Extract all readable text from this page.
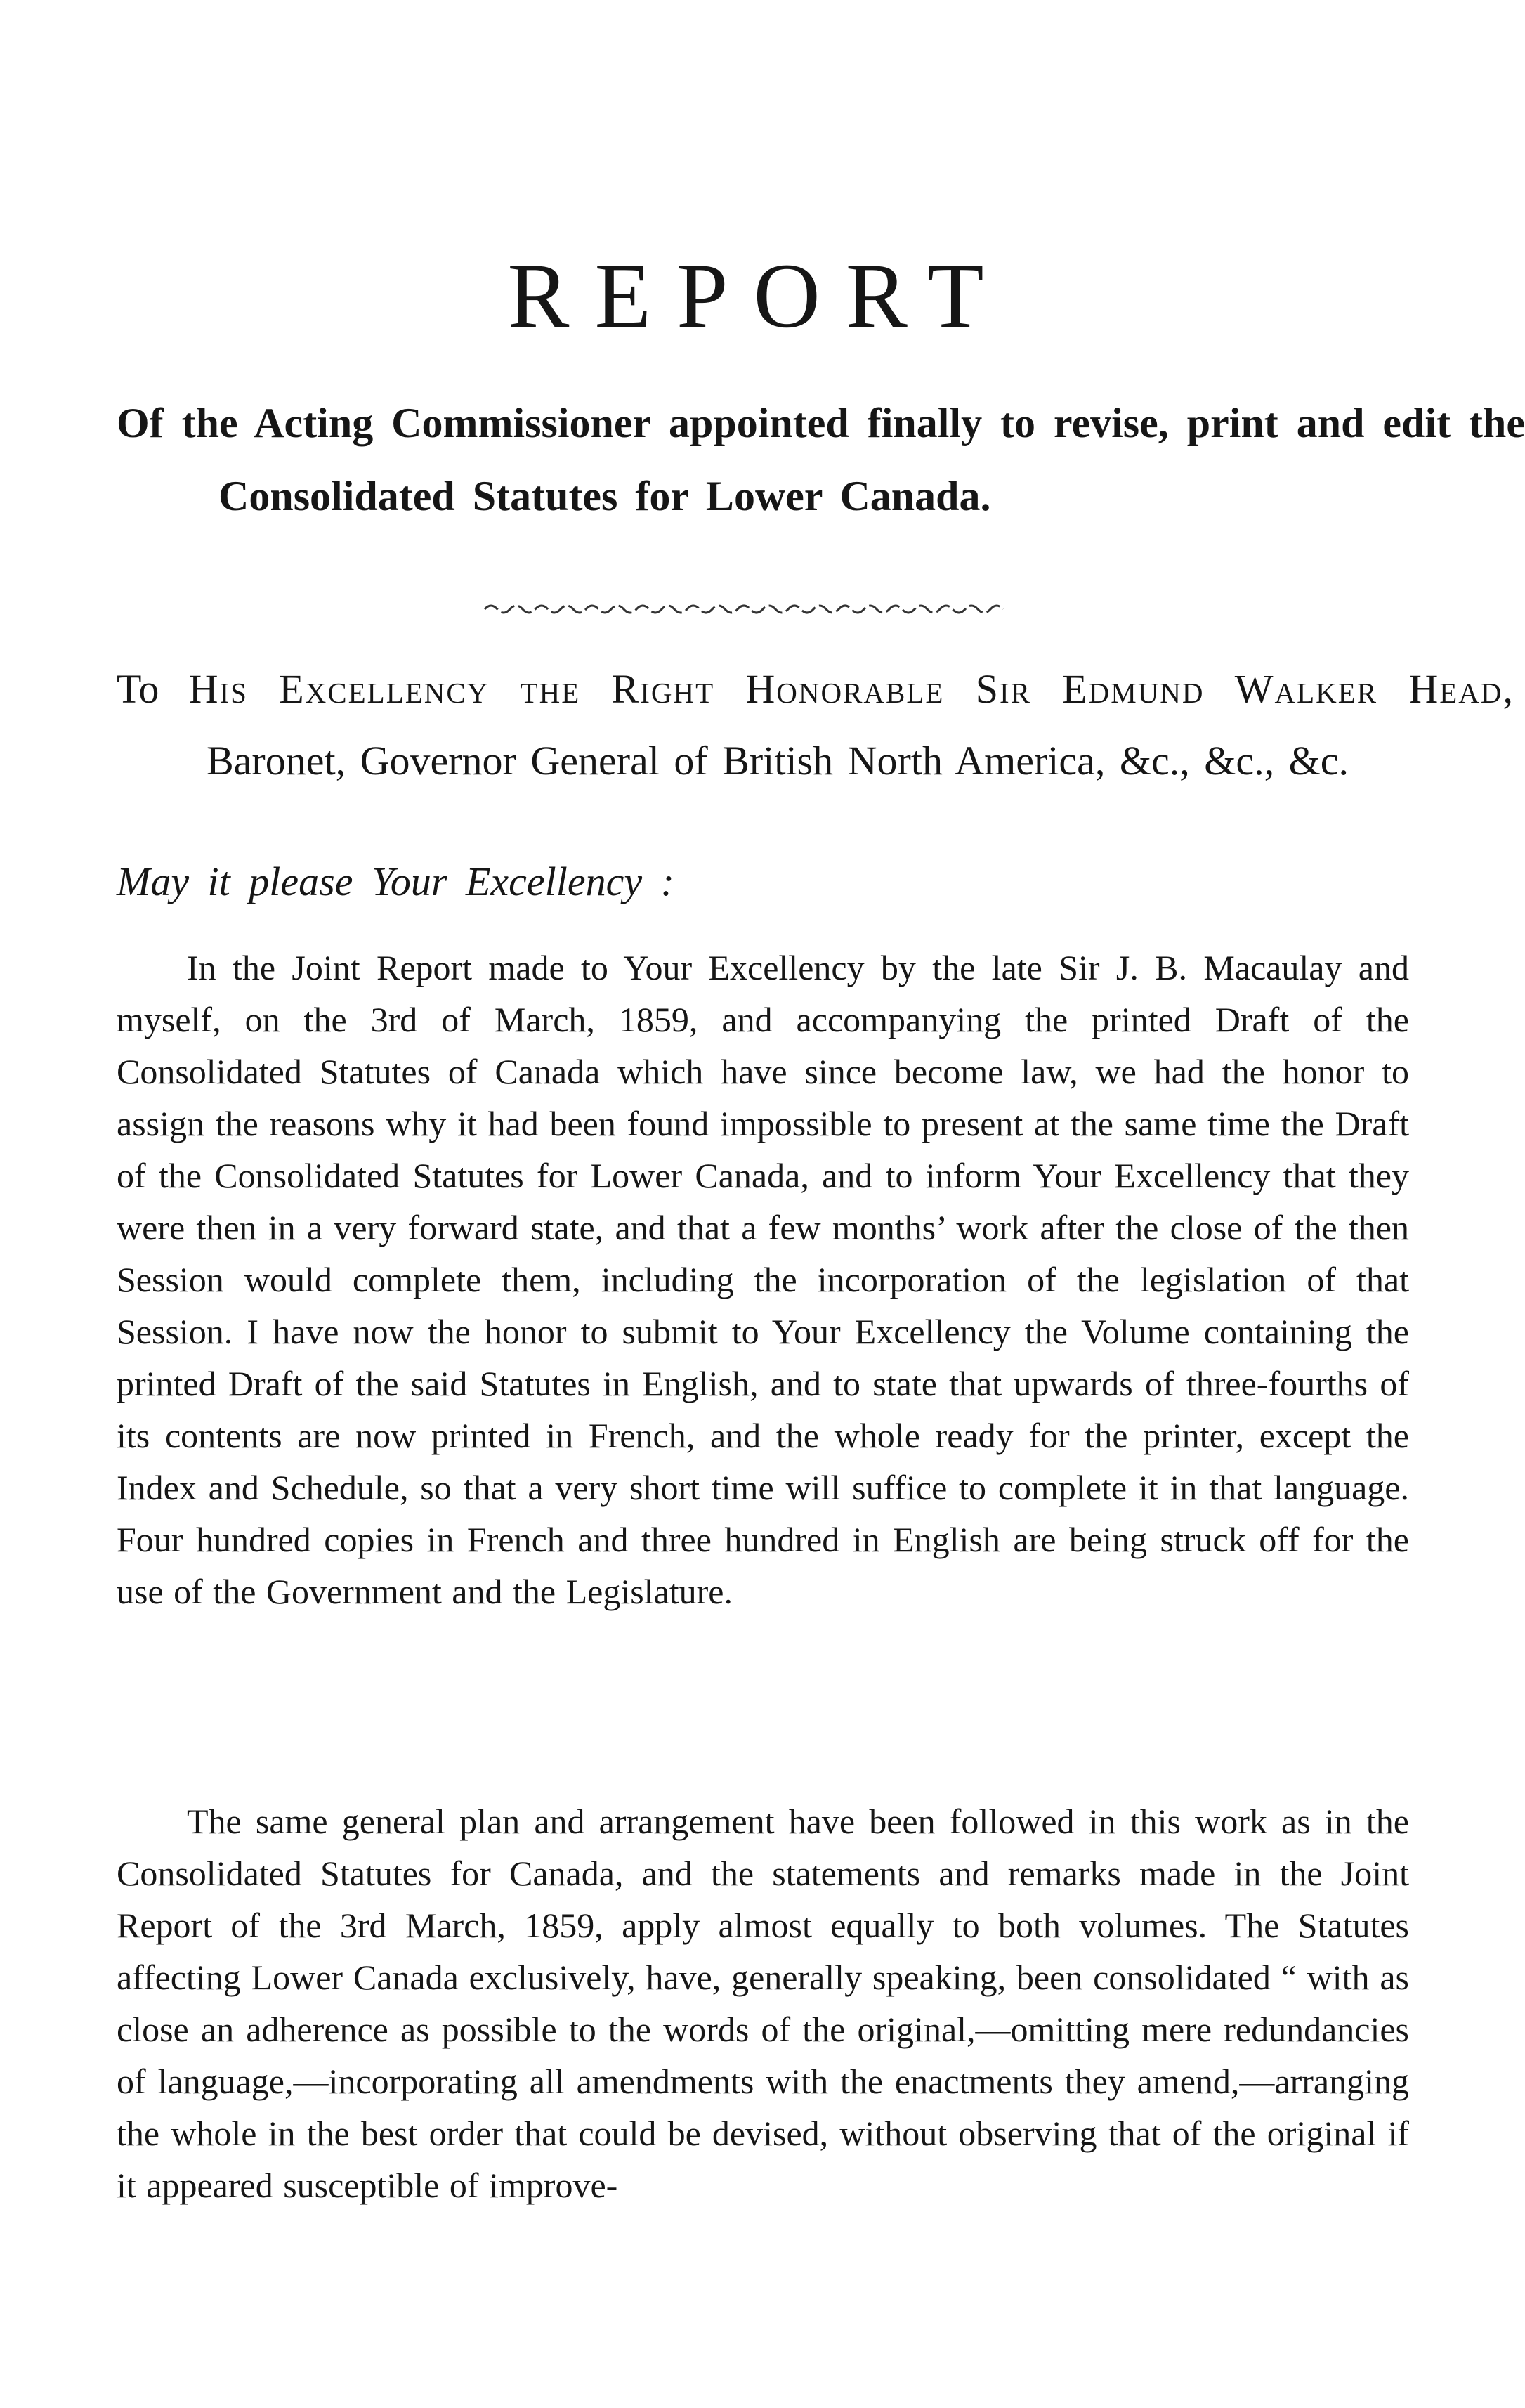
REPORT

Of the Acting Commissioner appointed finally to revise, print and edit the Consolidated Statutes for Lower Canada.

To His Excellency the Right Honorable Sir Edmund Walker Head, Baronet, Governor General of British North America, &c., &c., &c.

May it please Your Excellency :

In the Joint Report made to Your Excellency by the late Sir J. B. Macaulay and myself, on the 3rd of March, 1859, and accompanying the printed Draft of the Consolidated Statutes of Canada which have since become law, we had the honor to assign the reasons why it had been found impossible to present at the same time the Draft of the Consolidated Statutes for Lower Canada, and to inform Your Excellency that they were then in a very forward state, and that a few months’ work after the close of the then Session would complete them, including the incorporation of the legislation of that Session. I have now the honor to submit to Your Excellency the Volume containing the printed Draft of the said Statutes in English, and to state that upwards of three-fourths of its contents are now printed in French, and the whole ready for the printer, except the Index and Schedule, so that a very short time will suffice to complete it in that language. Four hundred copies in French and three hundred in English are being struck off for the use of the Government and the Legislature.

The same general plan and arrangement have been followed in this work as in the Consolidated Statutes for Canada, and the statements and remarks made in the Joint Report of the 3rd March, 1859, apply almost equally to both volumes. The Statutes affecting Lower Canada exclusively, have, generally speaking, been consolidated “ with as close an adherence as possible to the words of the original,—omitting mere redundancies of language,—incorporating all amendments with the enactments they amend,—arranging the whole in the best order that could be devised, without observing that of the original if it appeared susceptible of improve-
